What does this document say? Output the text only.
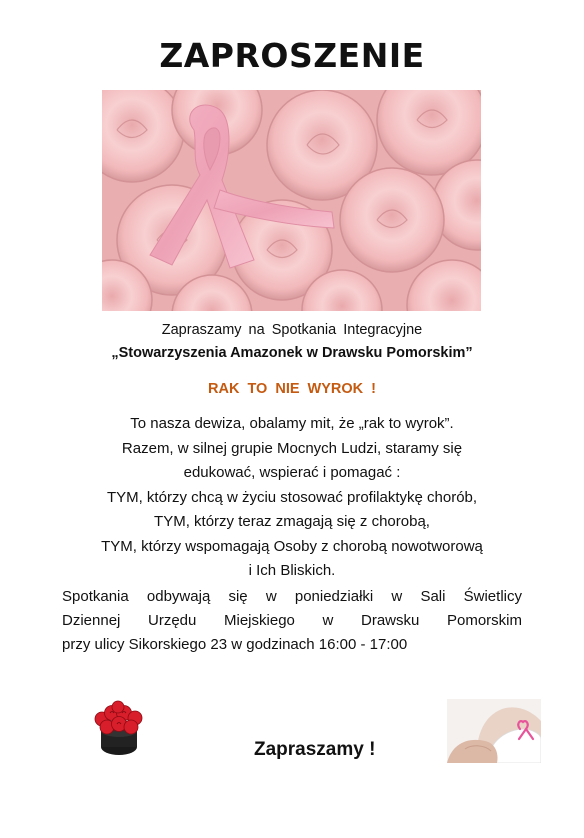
ZAPROSZENIE
Zapraszamy na Spotkania Integracyjne
„Stowarzyszenia Amazonek w Drawsku Pomorskim”
RAK TO NIE WYROK !
To nasza dewiza, obalamy mit, że „rak to wyrok”.
Razem, w silnej grupie Mocnych Ludzi, staramy się
edukować, wspierać i pomagać :
TYM, którzy chcą w życiu stosować profilaktykę chorób,
TYM, którzy teraz zmagają się z chorobą,
TYM, którzy wspomagają Osoby z chorobą nowotworową
i Ich Bliskich.
Spotkania odbywają się w poniedziałki w Sali Świetlicy
Dziennej Urzędu Miejskiego w Drawsku Pomorskim
przy ulicy Sikorskiego 23 w godzinach 16:00 - 17:00
Zapraszamy !
